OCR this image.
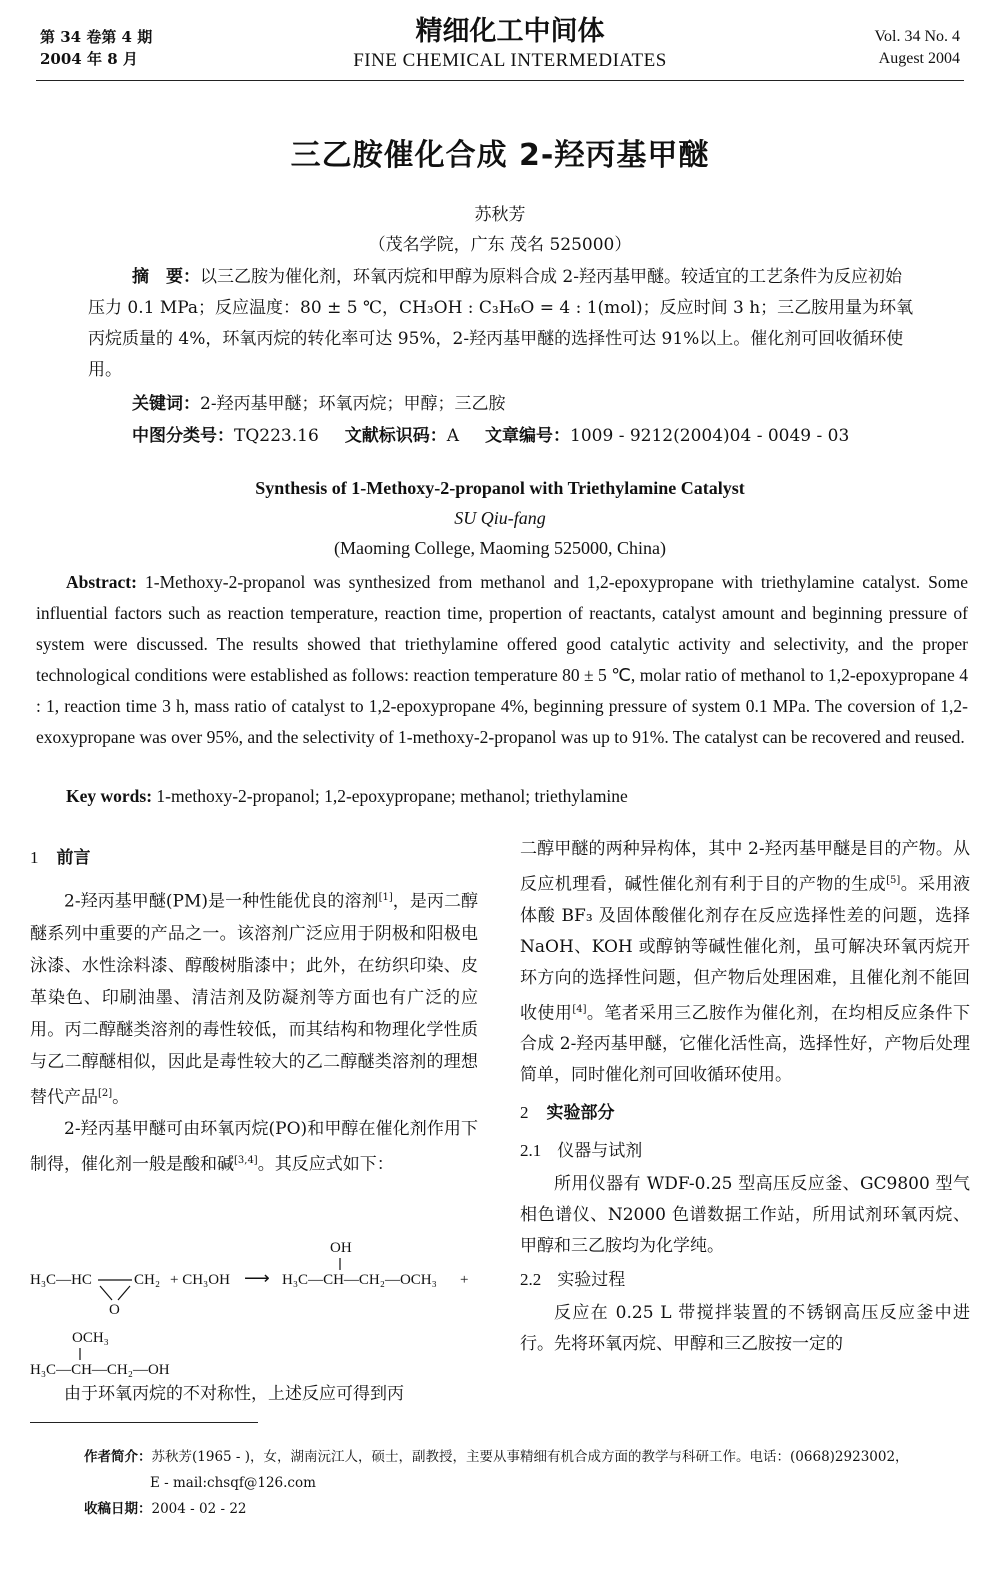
第 34 卷第 4 期
2004 年 8 月
精细化工中间体
FINE CHEMICAL INTERMEDIATES
Vol. 34 No. 4
Augest 2004
三乙胺催化合成 2-羟丙基甲醚
苏秋芳
（茂名学院，广东 茂名 525000）
摘　要：以三乙胺为催化剂，环氧丙烷和甲醇为原料合成 2-羟丙基甲醚。较适宜的工艺条件为反应初始压力 0.1 MPa；反应温度：80 ± 5 ℃，CH₃OH : C₃H₆O = 4 : 1(mol)；反应时间 3 h；三乙胺用量为环氧丙烷质量的 4%，环氧丙烷的转化率可达 95%，2-羟丙基甲醚的选择性可达 91%以上。催化剂可回收循环使用。
关键词：2-羟丙基甲醚；环氧丙烷；甲醇；三乙胺
中图分类号：TQ223.16 文献标识码：A 文章编号：1009 - 9212(2004)04 - 0049 - 03
Synthesis of 1-Methoxy-2-propanol with Triethylamine Catalyst
SU Qiu-fang
(Maoming College, Maoming 525000, China)
Abstract: 1-Methoxy-2-propanol was synthesized from methanol and 1,2-epoxypropane with triethylamine catalyst. Some influential factors such as reaction temperature, reaction time, propertion of reactants, catalyst amount and beginning pressure of system were discussed. The results showed that triethylamine offered good catalytic activity and selectivity, and the proper technological conditions were established as follows: reaction temperature 80 ± 5 ℃, molar ratio of methanol to 1,2-epoxypropane 4 : 1, reaction time 3 h, mass ratio of catalyst to 1,2-epoxypropane 4%, beginning pressure of system 0.1 MPa. The coversion of 1,2-exoxypropane was over 95%, and the selectivity of 1-methoxy-2-propanol was up to 91%. The catalyst can be recovered and reused.
Key words: 1-methoxy-2-propanol; 1,2-epoxypropane; methanol; triethylamine
1 前言

2-羟丙基甲醚(PM)是一种性能优良的溶剂[1]，是丙二醇醚系列中重要的产品之一。该溶剂广泛应用于阴极和阳极电泳漆、水性涂料漆、醇酸树脂漆中；此外，在纺织印染、皮革染色、印刷油墨、清洁剂及防凝剂等方面也有广泛的应用。丙二醇醚类溶剂的毒性较低，而其结构和物理化学性质与乙二醇醚相似，因此是毒性较大的乙二醇醚类溶剂的理想替代产品[2]。

2-羟丙基甲醚可由环氧丙烷(PO)和甲醇在催化剂作用下制得，催化剂一般是酸和碱[3,4]。其反应式如下：

H₃C—HC	CH₂
O
+ CH₃OH ⟶
OH
H₃C—CH—CH₂—OCH₃ +
OCH₃
H₃C—CH—CH₂—OH

由于环氧丙烷的不对称性，上述反应可得到丙

二醇甲醚的两种异构体，其中 2-羟丙基甲醚是目的产物。从反应机理看，碱性催化剂有利于目的产物的生成[5]。采用液体酸 BF₃ 及固体酸催化剂存在反应选择性差的问题，选择 NaOH、KOH 或醇钠等碱性催化剂，虽可解决环氧丙烷开环方向的选择性问题，但产物后处理困难，且催化剂不能回收使用[4]。笔者采用三乙胺作为催化剂，在均相反应条件下合成 2-羟丙基甲醚，它催化活性高，选择性好，产物后处理简单，同时催化剂可回收循环使用。

2 实验部分
2.1 仪器与试剂

所用仪器有 WDF-0.25 型高压反应釜、GC9800 型气相色谱仪、N2000 色谱数据工作站，所用试剂环氧丙烷、甲醇和三乙胺均为化学纯。

2.2 实验过程

反应在 0.25 L 带搅拌装置的不锈钢高压反应釜中进行。先将环氧丙烷、甲醇和三乙胺按一定的

作者简介：苏秋芳(1965 - )，女，湖南沅江人，硕士，副教授，主要从事精细有机合成方面的教学与科研工作。电话：(0668)2923002，
E - mail:chsqf@126.com
收稿日期：2004 - 02 - 22
